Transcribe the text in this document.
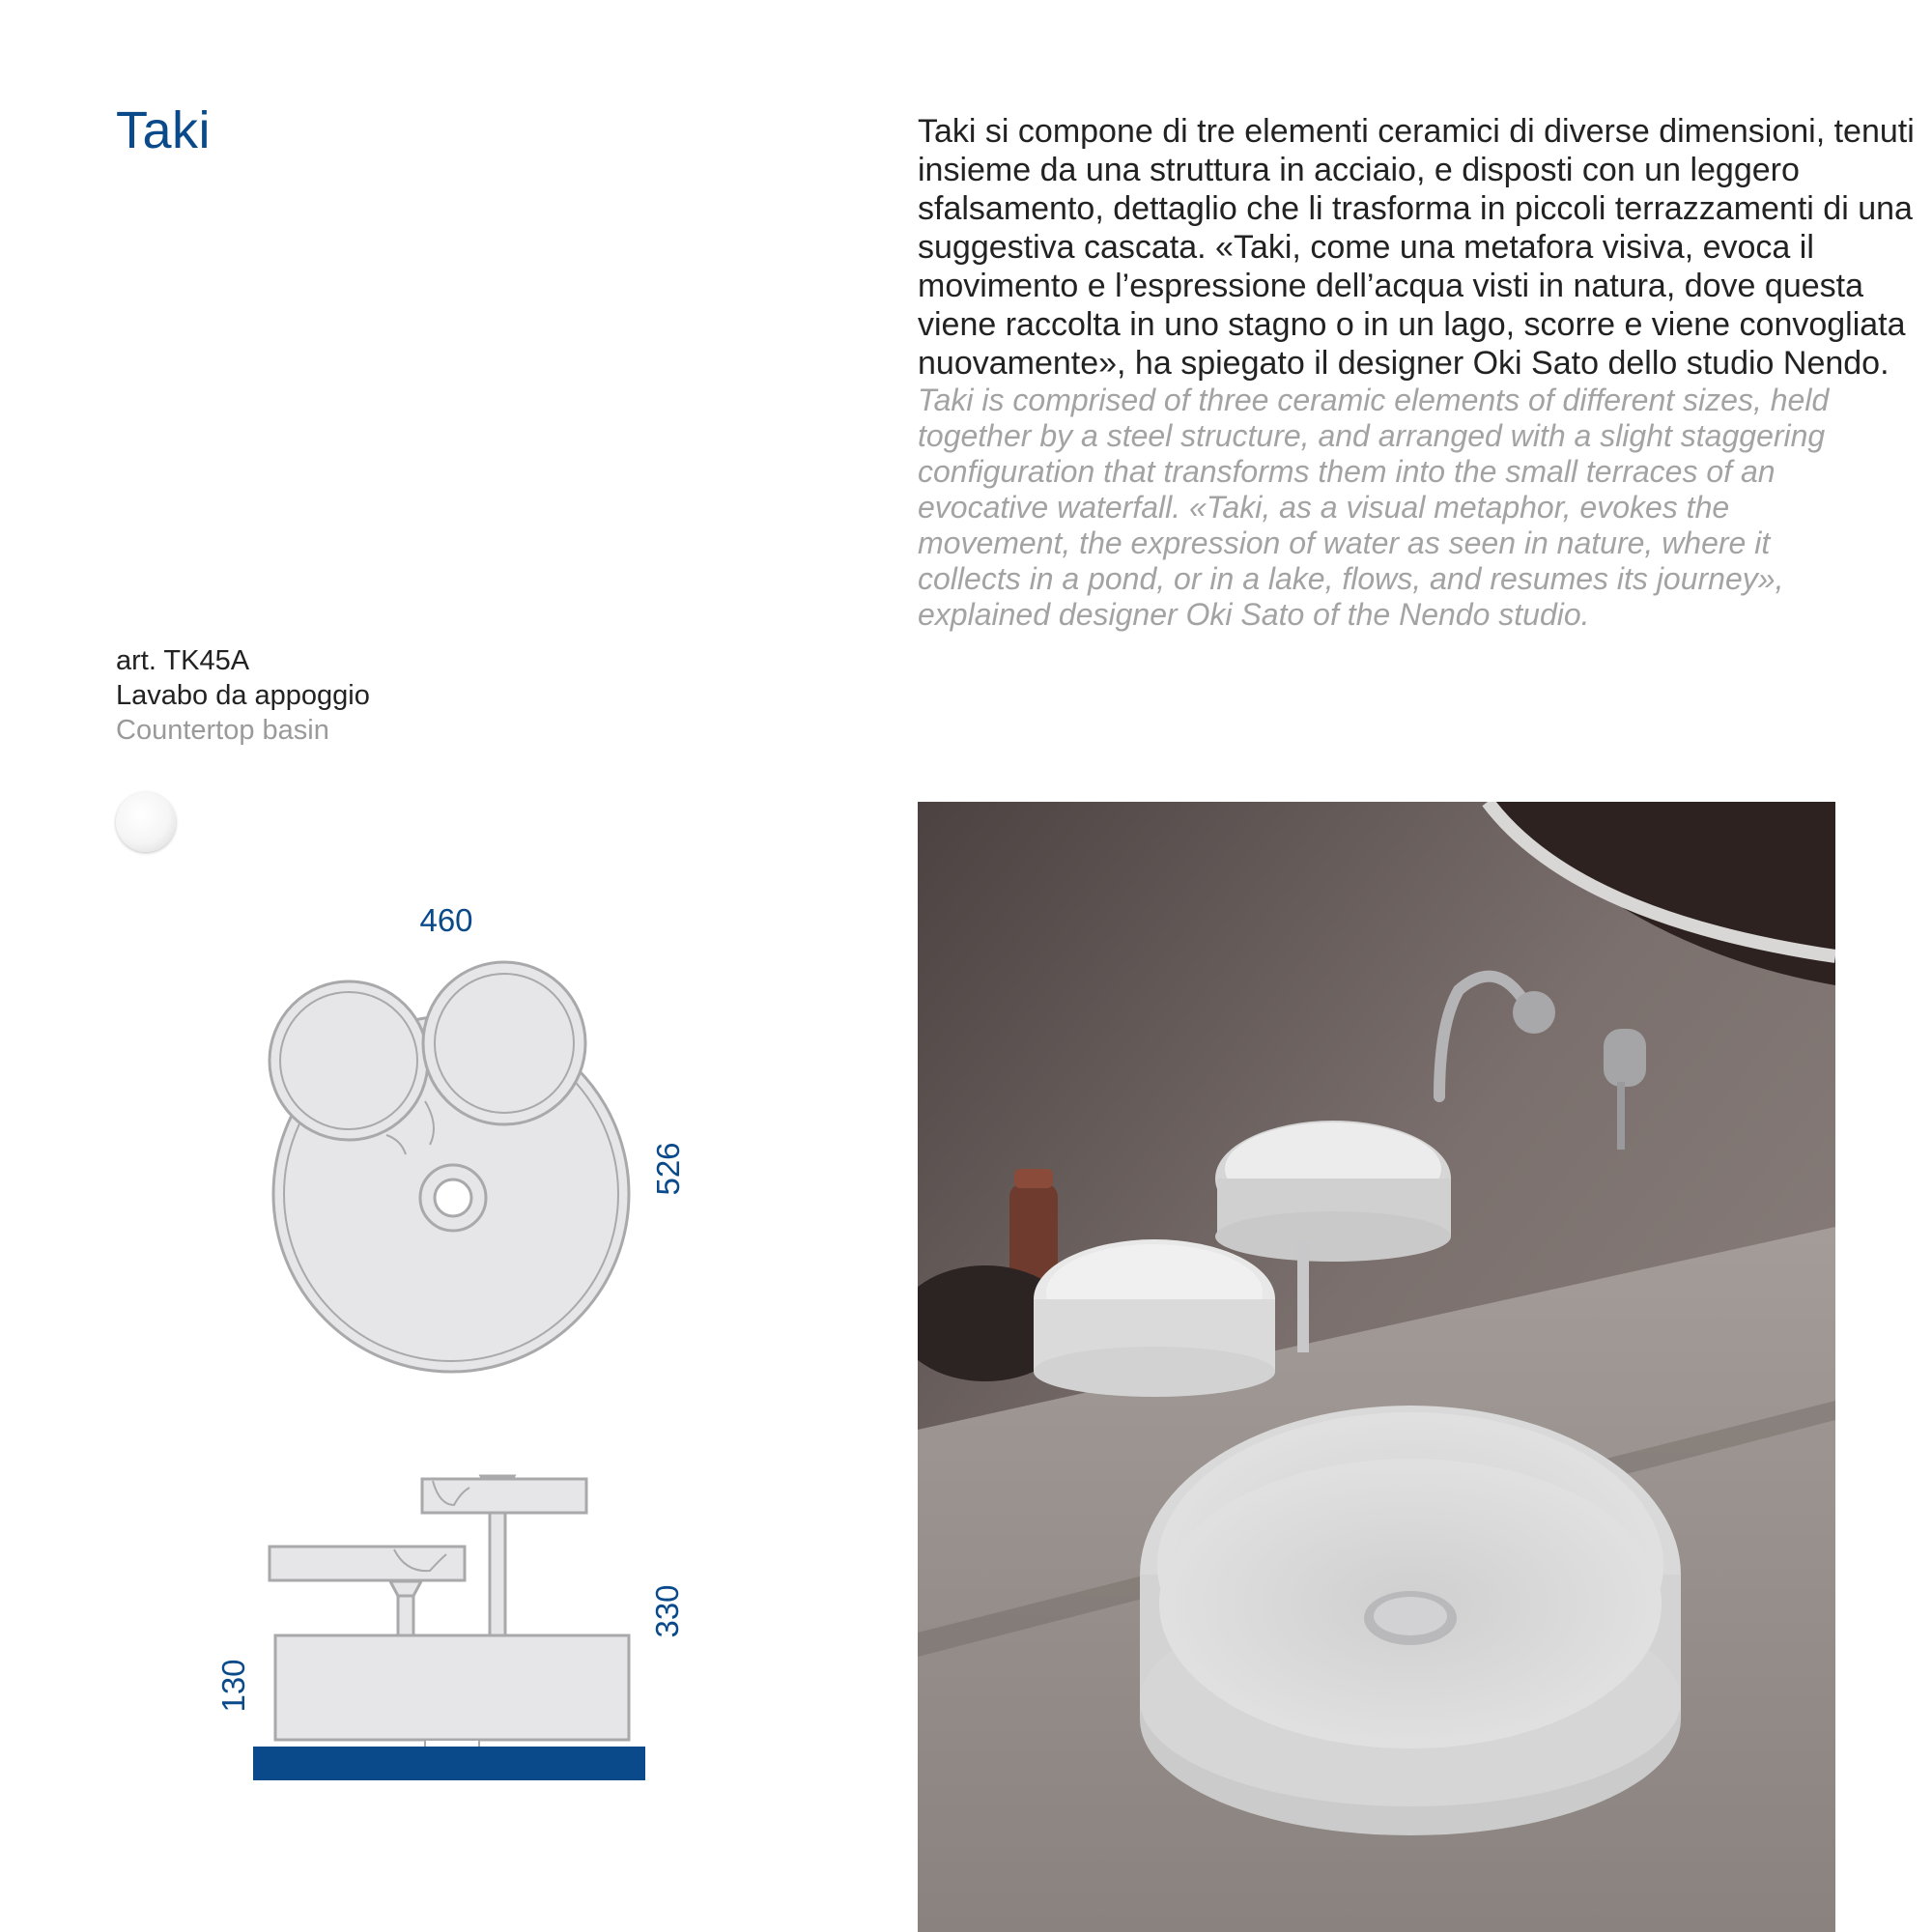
Taki	Taki si compone di tre elementi ceramici di diverse dimensioni, tenuti insieme da una struttura in acciaio, e disposti con un leggero sfalsamento, dettaglio che li trasforma in piccoli terrazzamenti di una suggestiva cascata. «Taki, come una metafora visiva, evoca il movimento e l’espressione dell’acqua visti in natura, dove questa viene raccolta in uno stagno o in un lago, scorre e viene convogliata nuovamente», ha spiegato il designer Oki Sato dello studio Nendo.

Taki is comprised of three ceramic elements of different sizes, held together by a steel structure, and arranged with a slight staggering configuration that transforms them into the small terraces of an evocative waterfall. «Taki, as a visual metaphor, evokes the movement, the expression of water as seen in nature, where it collects in a pond, or in a lake, flows, and resumes its journey», explained designer Oki Sato of the Nendo studio.

art. TK45A
Lavabo da appoggio
Countertop basin
460
526
330
130
